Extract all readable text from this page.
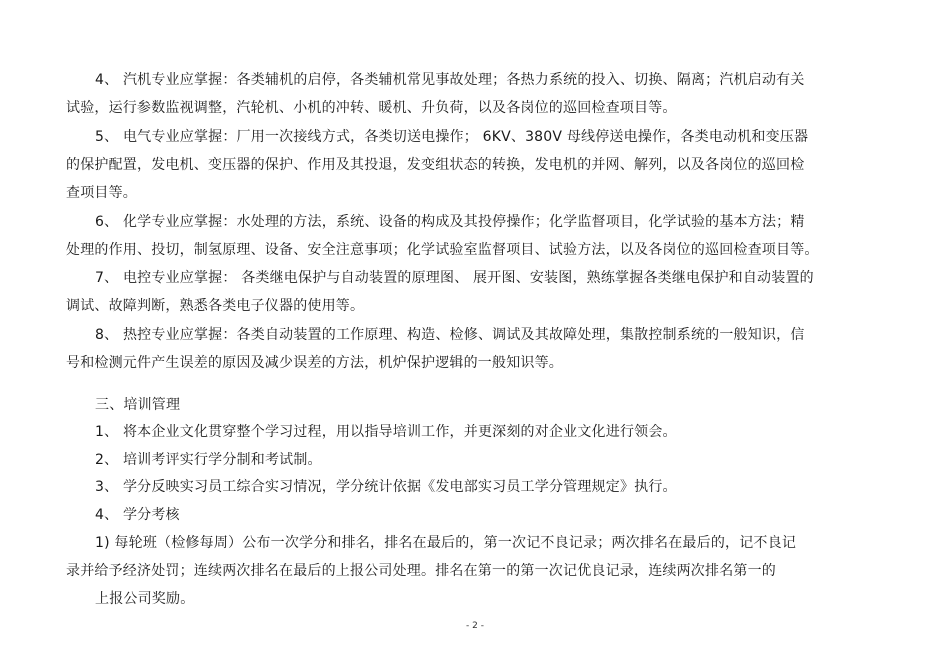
4、 汽机专业应掌握：各类辅机的启停，各类辅机常见事故处理；各热力系统的投入、切换、隔离；汽机启动有关
试验，运行参数监视调整，汽轮机、小机的冲转、暖机、升负荷，以及各岗位的巡回检查项目等。
5、 电气专业应掌握：厂用一次接线方式，各类切送电操作； 6KV、380V 母线停送电操作，各类电动机和变压器
的保护配置，发电机、变压器的保护、作用及其投退，发变组状态的转换，发电机的并网、解列，以及各岗位的巡回检
查项目等。
6、 化学专业应掌握：水处理的方法，系统、设备的构成及其投停操作；化学监督项目，化学试验的基本方法；精
处理的作用、投切，制氢原理、设备、安全注意事项；化学试验室监督项目、试验方法，以及各岗位的巡回检查项目等。
7、 电控专业应掌握： 各类继电保护与自动装置的原理图、 展开图、安装图，熟练掌握各类继电保护和自动装置的
调试、故障判断，熟悉各类电子仪器的使用等。
8、 热控专业应掌握：各类自动装置的工作原理、构造、检修、调试及其故障处理，集散控制系统的一般知识，信
号和检测元件产生误差的原因及减少误差的方法，机炉保护逻辑的一般知识等。
三、培训管理
1、 将本企业文化贯穿整个学习过程，用以指导培训工作，并更深刻的对企业文化进行领会。
2、 培训考评实行学分制和考试制。
3、 学分反映实习员工综合实习情况，学分统计依据《发电部实习员工学分管理规定》执行。
4、 学分考核
1) 每轮班（检修每周）公布一次学分和排名，排名在最后的，第一次记不良记录；两次排名在最后的，记不良记
录并给予经济处罚；连续两次排名在最后的上报公司处理。排名在第一的第一次记优良记录，连续两次排名第一的
上报公司奖励。
- 2 -
